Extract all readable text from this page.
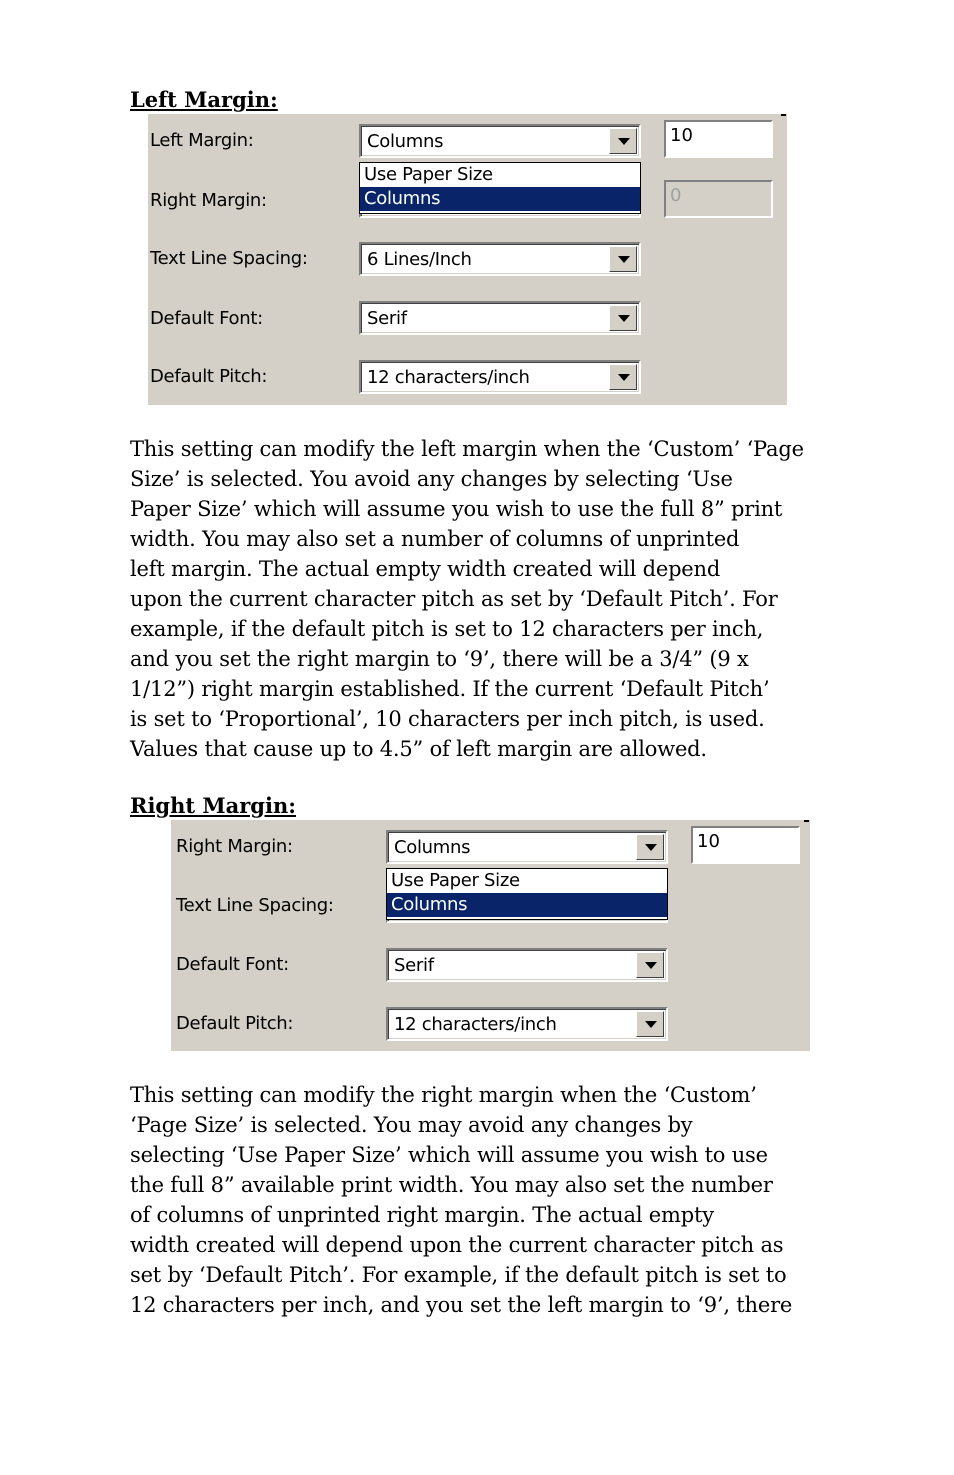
Left Margin:
Left Margin:
Right Margin:
Text Line Spacing:
Default Font:
Default Pitch:
Columns
6 Lines/Inch
Serif
12 characters/inch
Use Paper Size
Columns
10
0

This setting can modify the left margin when the ‘Custom’ ‘Page
Size’ is selected. You avoid any changes by selecting ‘Use
Paper Size’ which will assume you wish to use the full 8” print
width. You may also set a number of columns of unprinted
left margin. The actual empty width created will depend
upon the current character pitch as set by ‘Default Pitch’. For
example, if the default pitch is set to 12 characters per inch,
and you set the right margin to ‘9’, there will be a 3/4” (9 x
1/12”) right margin established. If the current ‘Default Pitch’
is set to ‘Proportional’, 10 characters per inch pitch, is used.
Values that cause up to 4.5” of left margin are allowed.

Right Margin:
Right Margin:
Text Line Spacing:
Default Font:
Default Pitch:
Columns
Serif
12 characters/inch
Use Paper Size
Columns
10

This setting can modify the right margin when the ‘Custom’
‘Page Size’ is selected. You may avoid any changes by
selecting ‘Use Paper Size’ which will assume you wish to use
the full 8” available print width. You may also set the number
of columns of unprinted right margin. The actual empty
width created will depend upon the current character pitch as
set by ‘Default Pitch’. For example, if the default pitch is set to
12 characters per inch, and you set the left margin to ‘9’, there
